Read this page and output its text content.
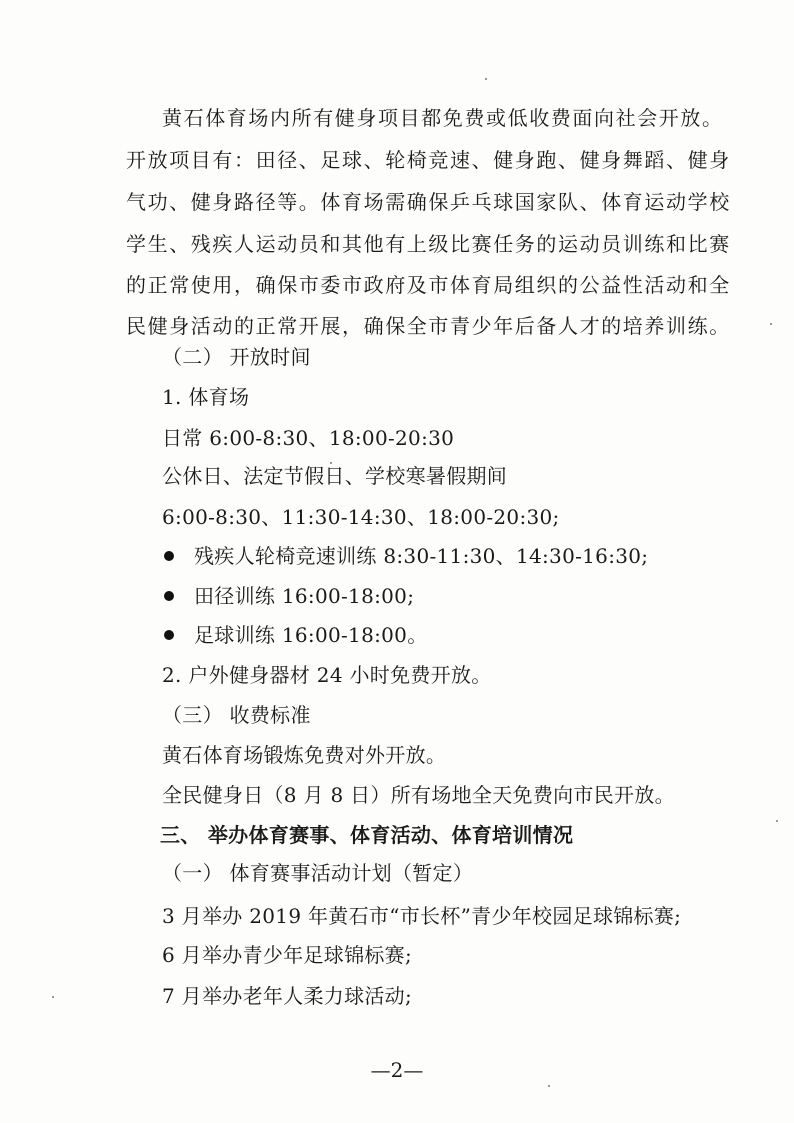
黄石体育场内所有健身项目都免费或低收费面向社会开放。
开放项目有：田径、足球、轮椅竞速、健身跑、健身舞蹈、健身
气功、健身路径等。体育场需确保乒乓球国家队、体育运动学校
学生、残疾人运动员和其他有上级比赛任务的运动员训练和比赛
的正常使用，确保市委市政府及市体育局组织的公益性活动和全
民健身活动的正常开展，确保全市青少年后备人才的培养训练。
（二） 开放时间
1. 体育场
日常 6:00-8:30、18:00-20:30
公休日、法定节假日、学校寒暑假期间
6:00-8:30、11:30-14:30、18:00-20:30;
残疾人轮椅竞速训练 8:30-11:30、14:30-16:30;
田径训练 16:00-18:00;
足球训练 16:00-18:00。
2. 户外健身器材 24 小时免费开放。
（三） 收费标准
黄石体育场锻炼免费对外开放。
全民健身日（8 月 8 日）所有场地全天免费向市民开放。
三、 举办体育赛事、体育活动、体育培训情况
（一） 体育赛事活动计划（暂定）
3 月举办 2019 年黄石市“市长杯”青少年校园足球锦标赛;
6 月举办青少年足球锦标赛;
7 月举办老年人柔力球活动;
—2—
